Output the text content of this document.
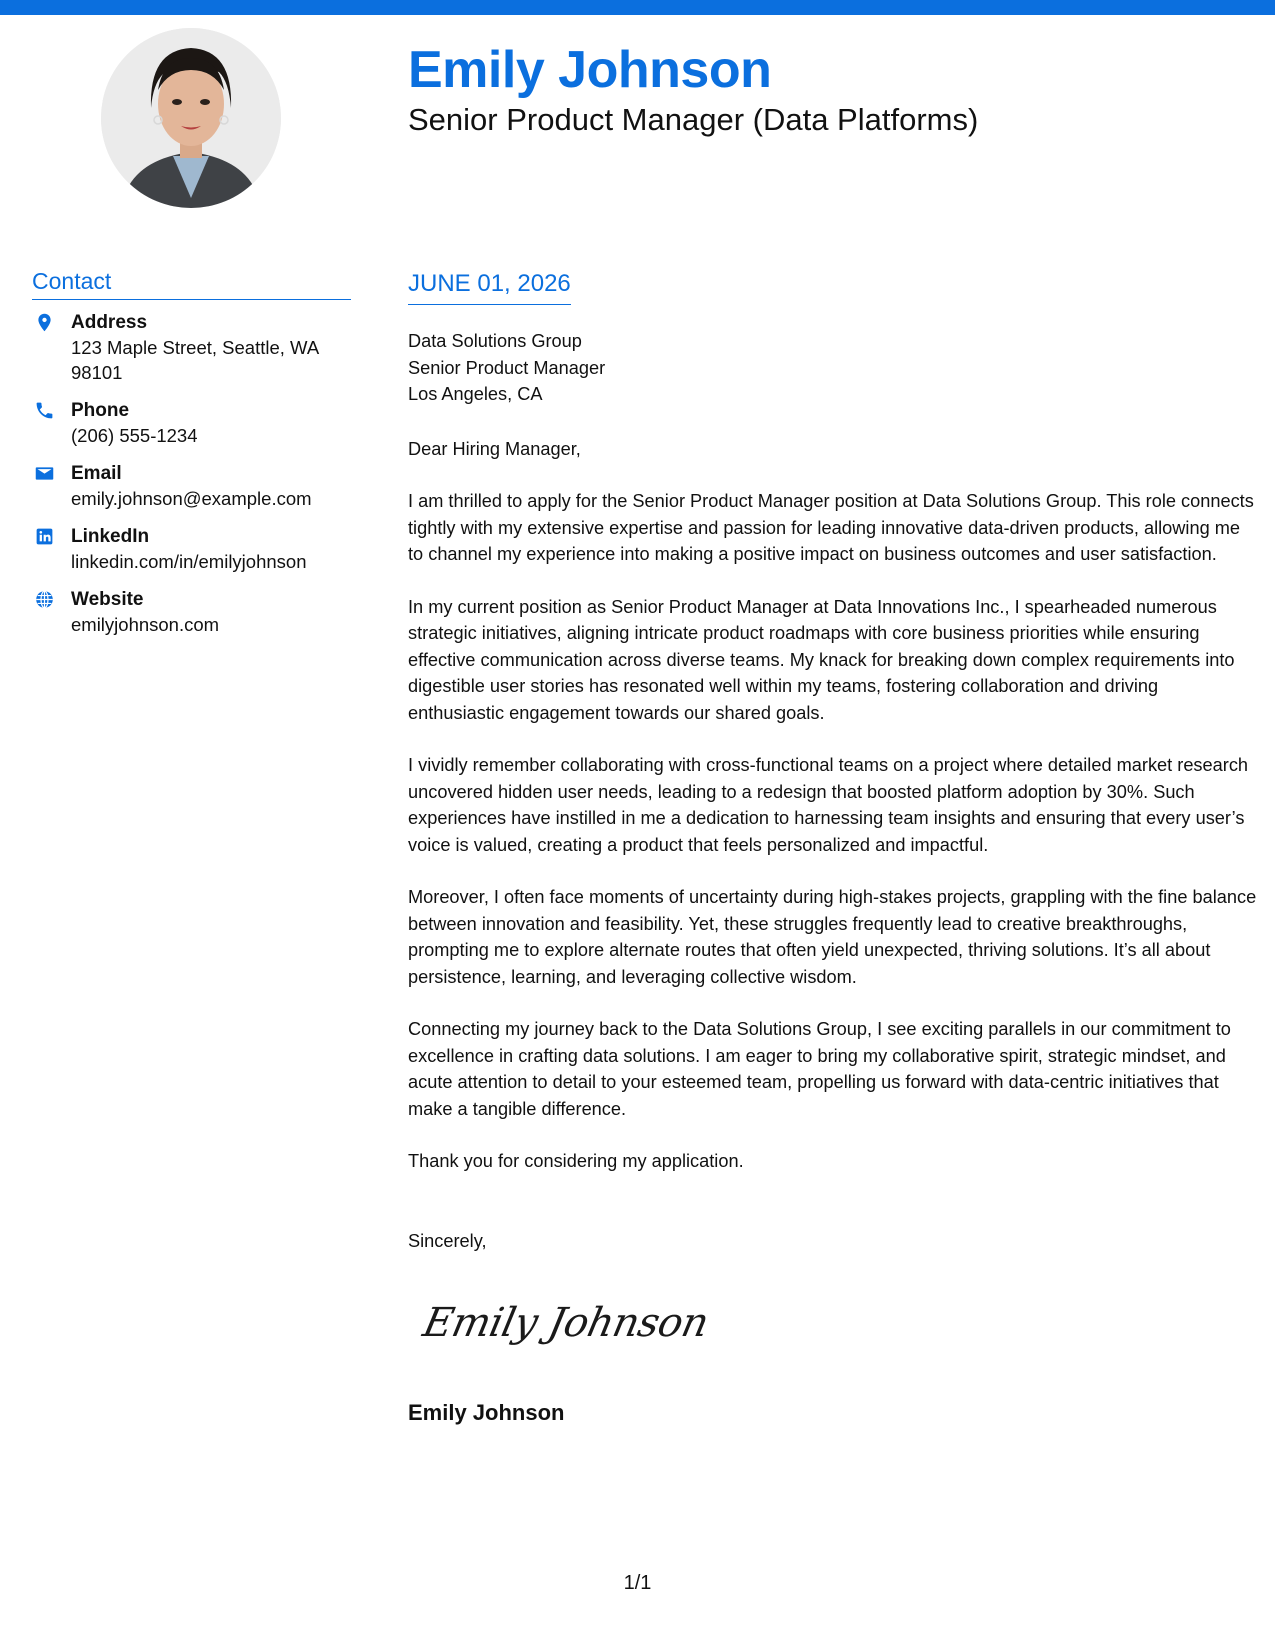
Emily Johnson
Senior Product Manager (Data Platforms)
Contact
Address
123 Maple Street, Seattle, WA 98101
Phone
(206) 555-1234
Email
emily.johnson@example.com
LinkedIn
linkedin.com/in/emilyjohnson
Website
emilyjohnson.com
JUNE 01, 2026
Data Solutions Group
Senior Product Manager
Los Angeles, CA
Dear Hiring Manager,
I am thrilled to apply for the Senior Product Manager position at Data Solutions Group. This role connects tightly with my extensive expertise and passion for leading innovative data-driven products, allowing me to channel my experience into making a positive impact on business outcomes and user satisfaction.
In my current position as Senior Product Manager at Data Innovations Inc., I spearheaded numerous strategic initiatives, aligning intricate product roadmaps with core business priorities while ensuring effective communication across diverse teams. My knack for breaking down complex requirements into digestible user stories has resonated well within my teams, fostering collaboration and driving enthusiastic engagement towards our shared goals.
I vividly remember collaborating with cross-functional teams on a project where detailed market research uncovered hidden user needs, leading to a redesign that boosted platform adoption by 30%. Such experiences have instilled in me a dedication to harnessing team insights and ensuring that every user’s voice is valued, creating a product that feels personalized and impactful.
Moreover, I often face moments of uncertainty during high-stakes projects, grappling with the fine balance between innovation and feasibility. Yet, these struggles frequently lead to creative breakthroughs, prompting me to explore alternate routes that often yield unexpected, thriving solutions. It’s all about persistence, learning, and leveraging collective wisdom.
Connecting my journey back to the Data Solutions Group, I see exciting parallels in our commitment to excellence in crafting data solutions. I am eager to bring my collaborative spirit, strategic mindset, and acute attention to detail to your esteemed team, propelling us forward with data-centric initiatives that make a tangible difference.
Thank you for considering my application.
Sincerely,
Emily Johnson
Emily Johnson
1/1
